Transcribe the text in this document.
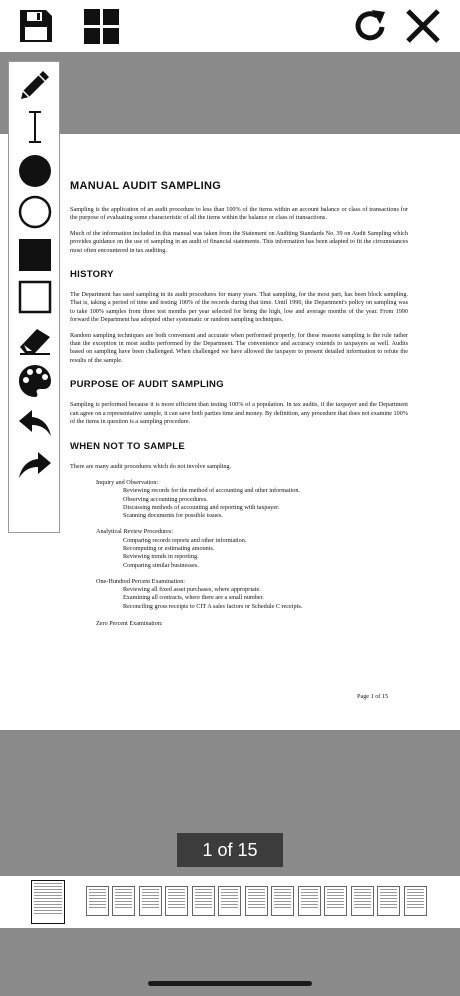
MANUAL AUDIT SAMPLING

Sampling is the application of an audit procedure to less than 100% of the items within an account balance or class of transactions for the purpose of evaluating some characteristic of all the items within the balance or class of transactions.

Much of the information included in this manual was taken from the Statement on Auditing Standards No. 39 on Audit Sampling which provides guidance on the use of sampling in an audit of financial statements. This information has been adapted to fit the circumstances most often encountered in tax auditing.

HISTORY

The Department has used sampling in its audit procedures for many years. That sampling, for the most part, has been block sampling. That is, taking a period of time and testing 100% of the records during that time. Until 1990, the Department's policy on sampling was to take 100% samples from three test months per year selected for being the high, low and average months of the year. From 1990 forward the Department has adopted other systematic or random sampling techniques.

Random sampling techniques are both convenient and accurate when performed properly, for these reasons sampling is the rule rather than the exception in most audits performed by the Department. The convenience and accuracy extends to taxpayers as well. Audits based on sampling have been challenged. When challenged we have allowed the taxpayer to present detailed information to refute the results of the sample.

PURPOSE OF AUDIT SAMPLING

Sampling is performed because it is more efficient than testing 100% of a population. In tax audits, if the taxpayer and the Department can agree on a representative sample, it can save both parties time and money. By definition, any procedure that does not examine 100% of the items in question is a sampling procedure.

WHEN NOT TO SAMPLE

There are many audit procedures which do not involve sampling.

Inquiry and Observation:
Reviewing records for the method of accounting and other information.
Observing accounting procedures.
Discussing methods of accounting and reporting with taxpayer.
Scanning documents for possible issues.
Analytical Review Procedures:
Comparing records reports and other information.
Recomputing or estimating amounts.
Reviewing trends in reporting.
Comparing similar businesses.
One-Hundred Percent Examination:
Reviewing all fixed asset purchases, where appropriate.
Examining all contracts, where there are a small number.
Reconciling gross receipts to CIT A sales factors or Schedule C receipts.
Zero Percent Examination:
Page 1 of 15
1 of 15
